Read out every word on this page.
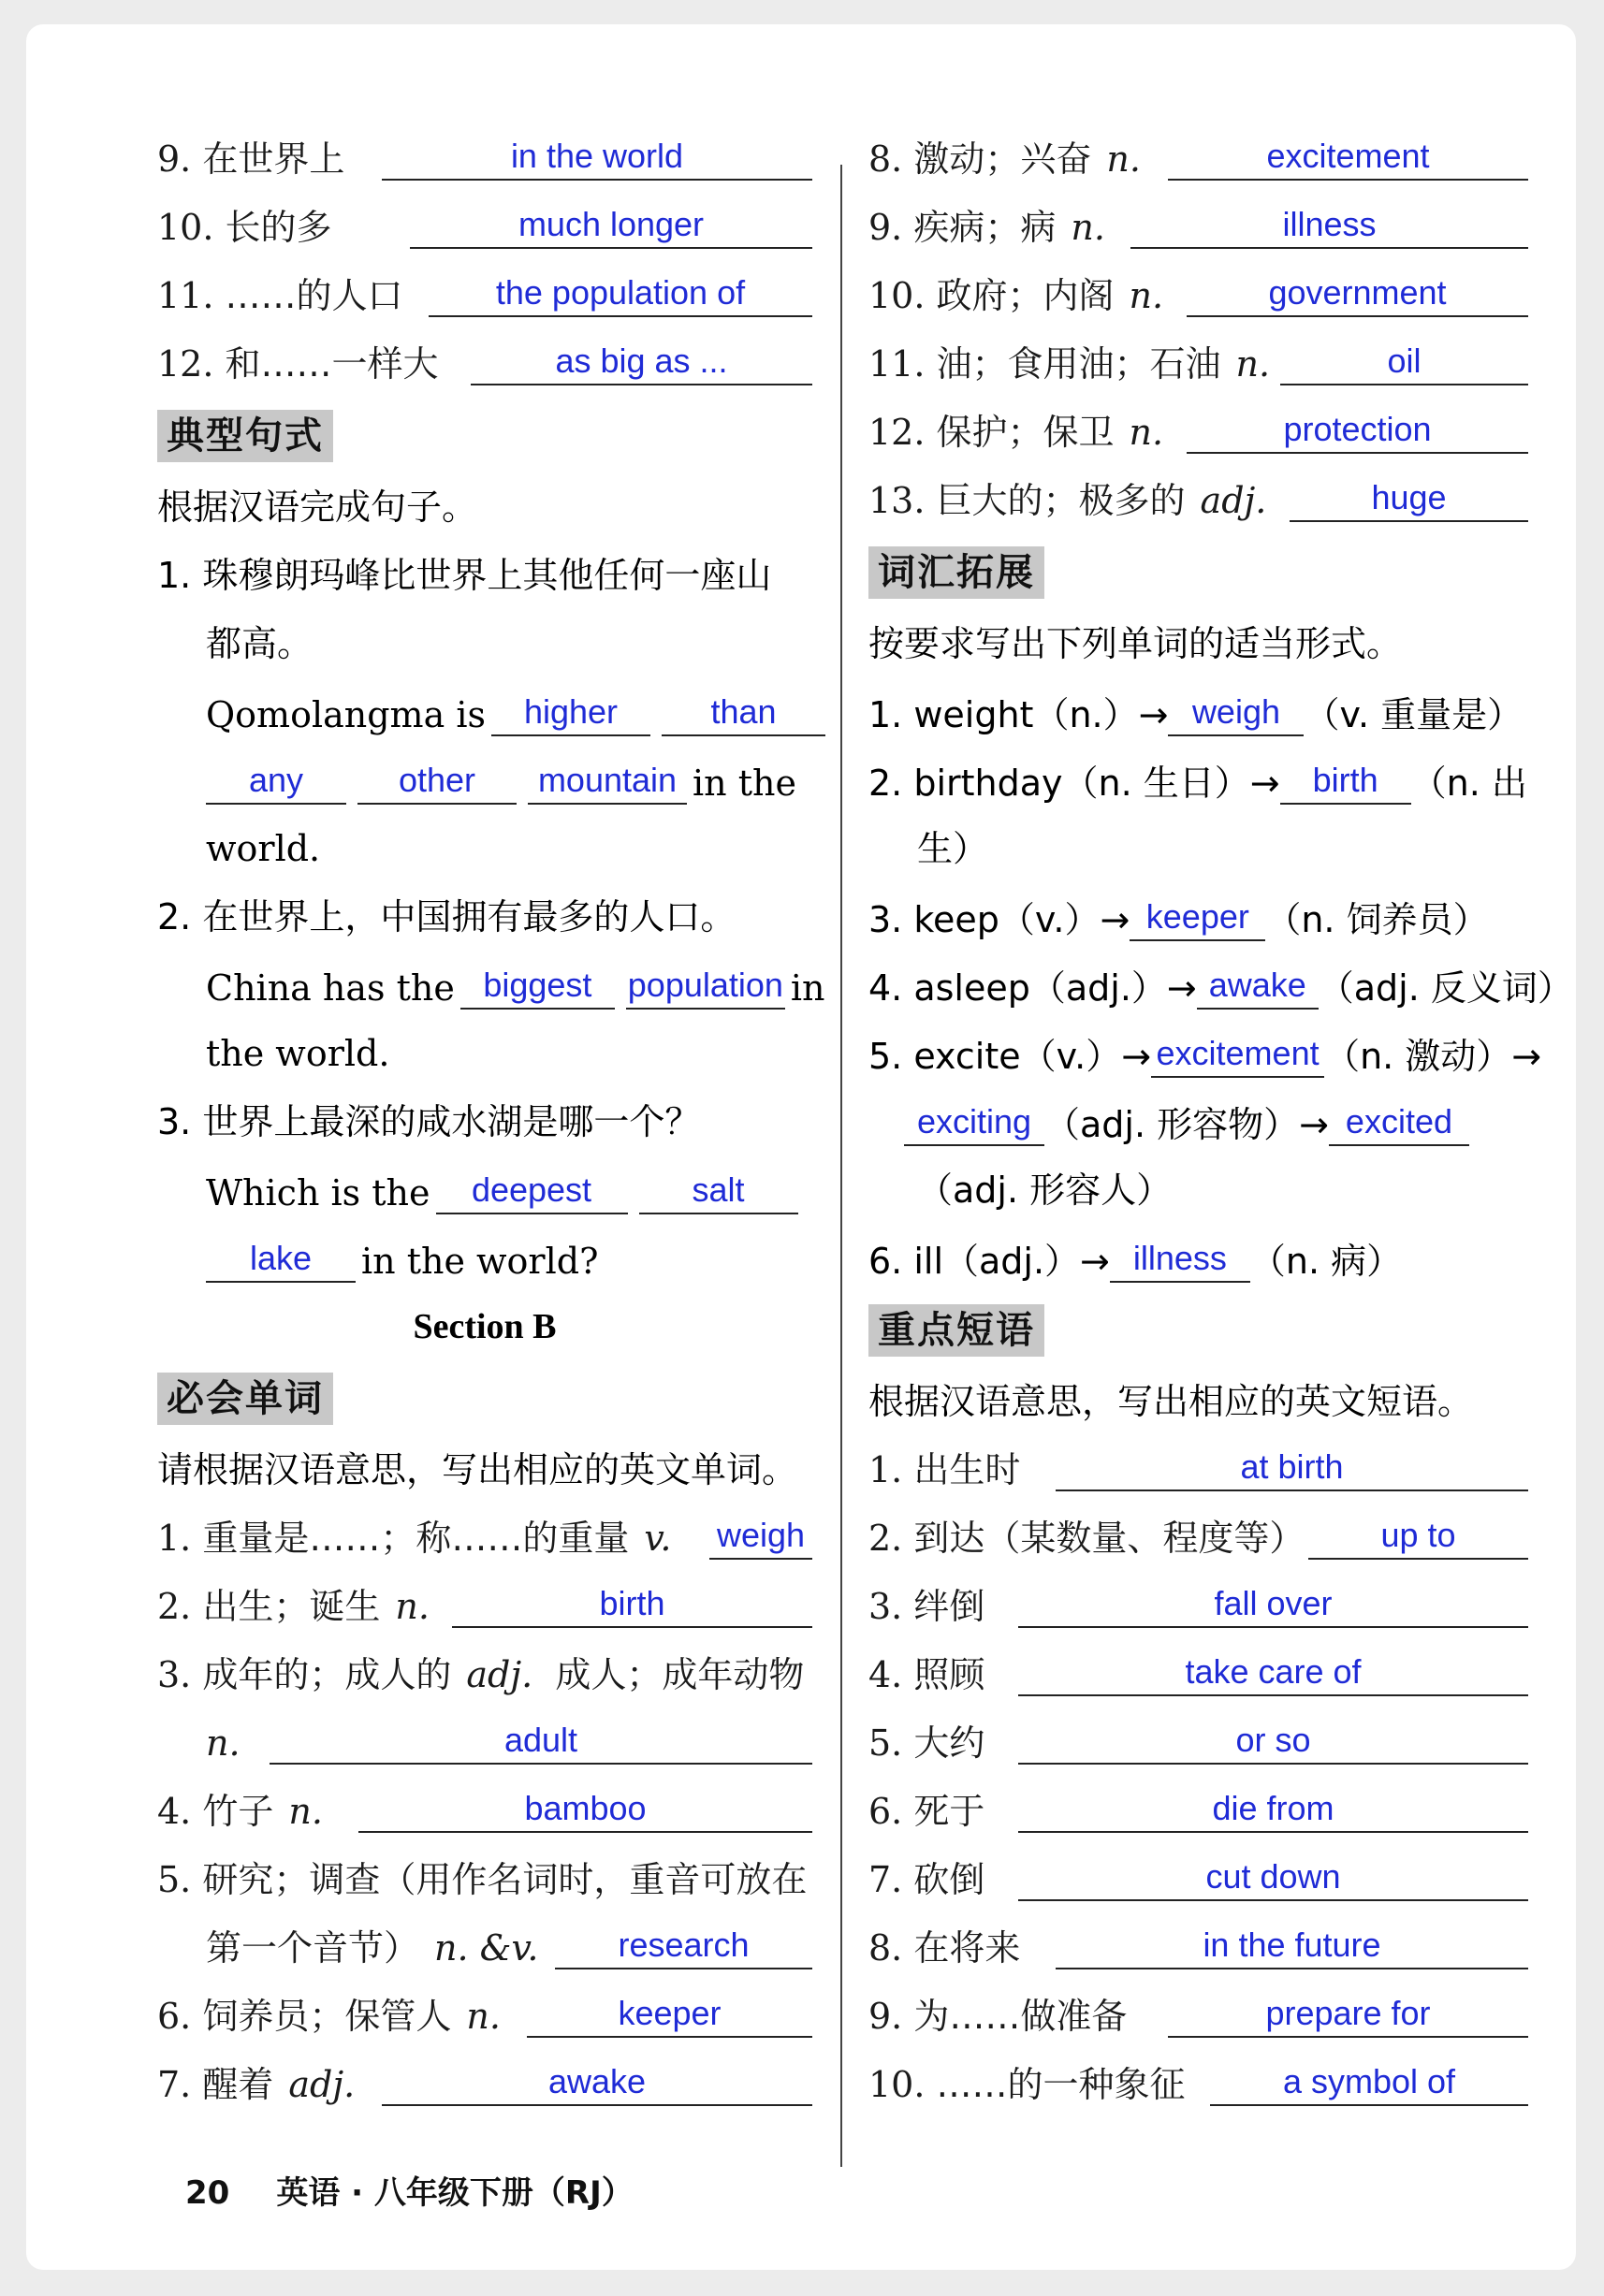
9. 在世界上	in the world
10. 长的多	much longer
11. ……的人口	the population of
12. 和……一样大	as big as ...
典型句式
根据汉语完成句子。
1. 珠穆朗玛峰比世界上其他任何一座山
都高。
Qomolangma is	higher	than
any	other	mountain in the
world.
2. 在世界上，中国拥有最多的人口。
China has the biggest	population in
the world.
3. 世界上最深的咸水湖是哪一个？
Which is the	deepest	salt
lake	in the world?
Section B
必会单词
请根据汉语意思，写出相应的英文单词。
1. 重量是……；称……的重量 v. weigh
2. 出生；诞生 n.	birth
3. 成年的；成人的 adj. 成人；成年动物
n.	adult
4. 竹子 n.	bamboo
5. 研究；调查（用作名词时，重音可放在
第一个音节） n. &v.	research
6. 饲养员；保管人 n.	keeper
7. 醒着 adj.	awake
8. 激动；兴奋 n.	excitement
9. 疾病；病 n.	illness
10. 政府；内阁 n.	government
11. 油；食用油；石油 n.	oil
12. 保护；保卫 n.	protection
13. 巨大的；极多的 adj.	huge
词汇拓展
按要求写出下列单词的适当形式。
1. weight（n.）→ weigh （v. 重量是）
2. birthday（n. 生日）→ birth （n. 出
生）
3. keep（v.）→ keeper （n. 饲养员）
4. asleep（adj.）→ awake （adj. 反义词）
5. excite（v.）→ excitement （n. 激动）→
exciting （adj. 形容物）→ excited
（adj. 形容人）
6. ill（adj.）→ illness （n. 病）
重点短语
根据汉语意思，写出相应的英文短语。
1. 出生时	at birth
2. 到达（某数量、程度等）	up to
3. 绊倒	fall over
4. 照顾	take care of
5. 大约	or so
6. 死于	die from
7. 砍倒	cut down
8. 在将来	in the future
9. 为……做准备	prepare for
10. ……的一种象征	a symbol of
20 英语 · 八年级下册（RJ）
